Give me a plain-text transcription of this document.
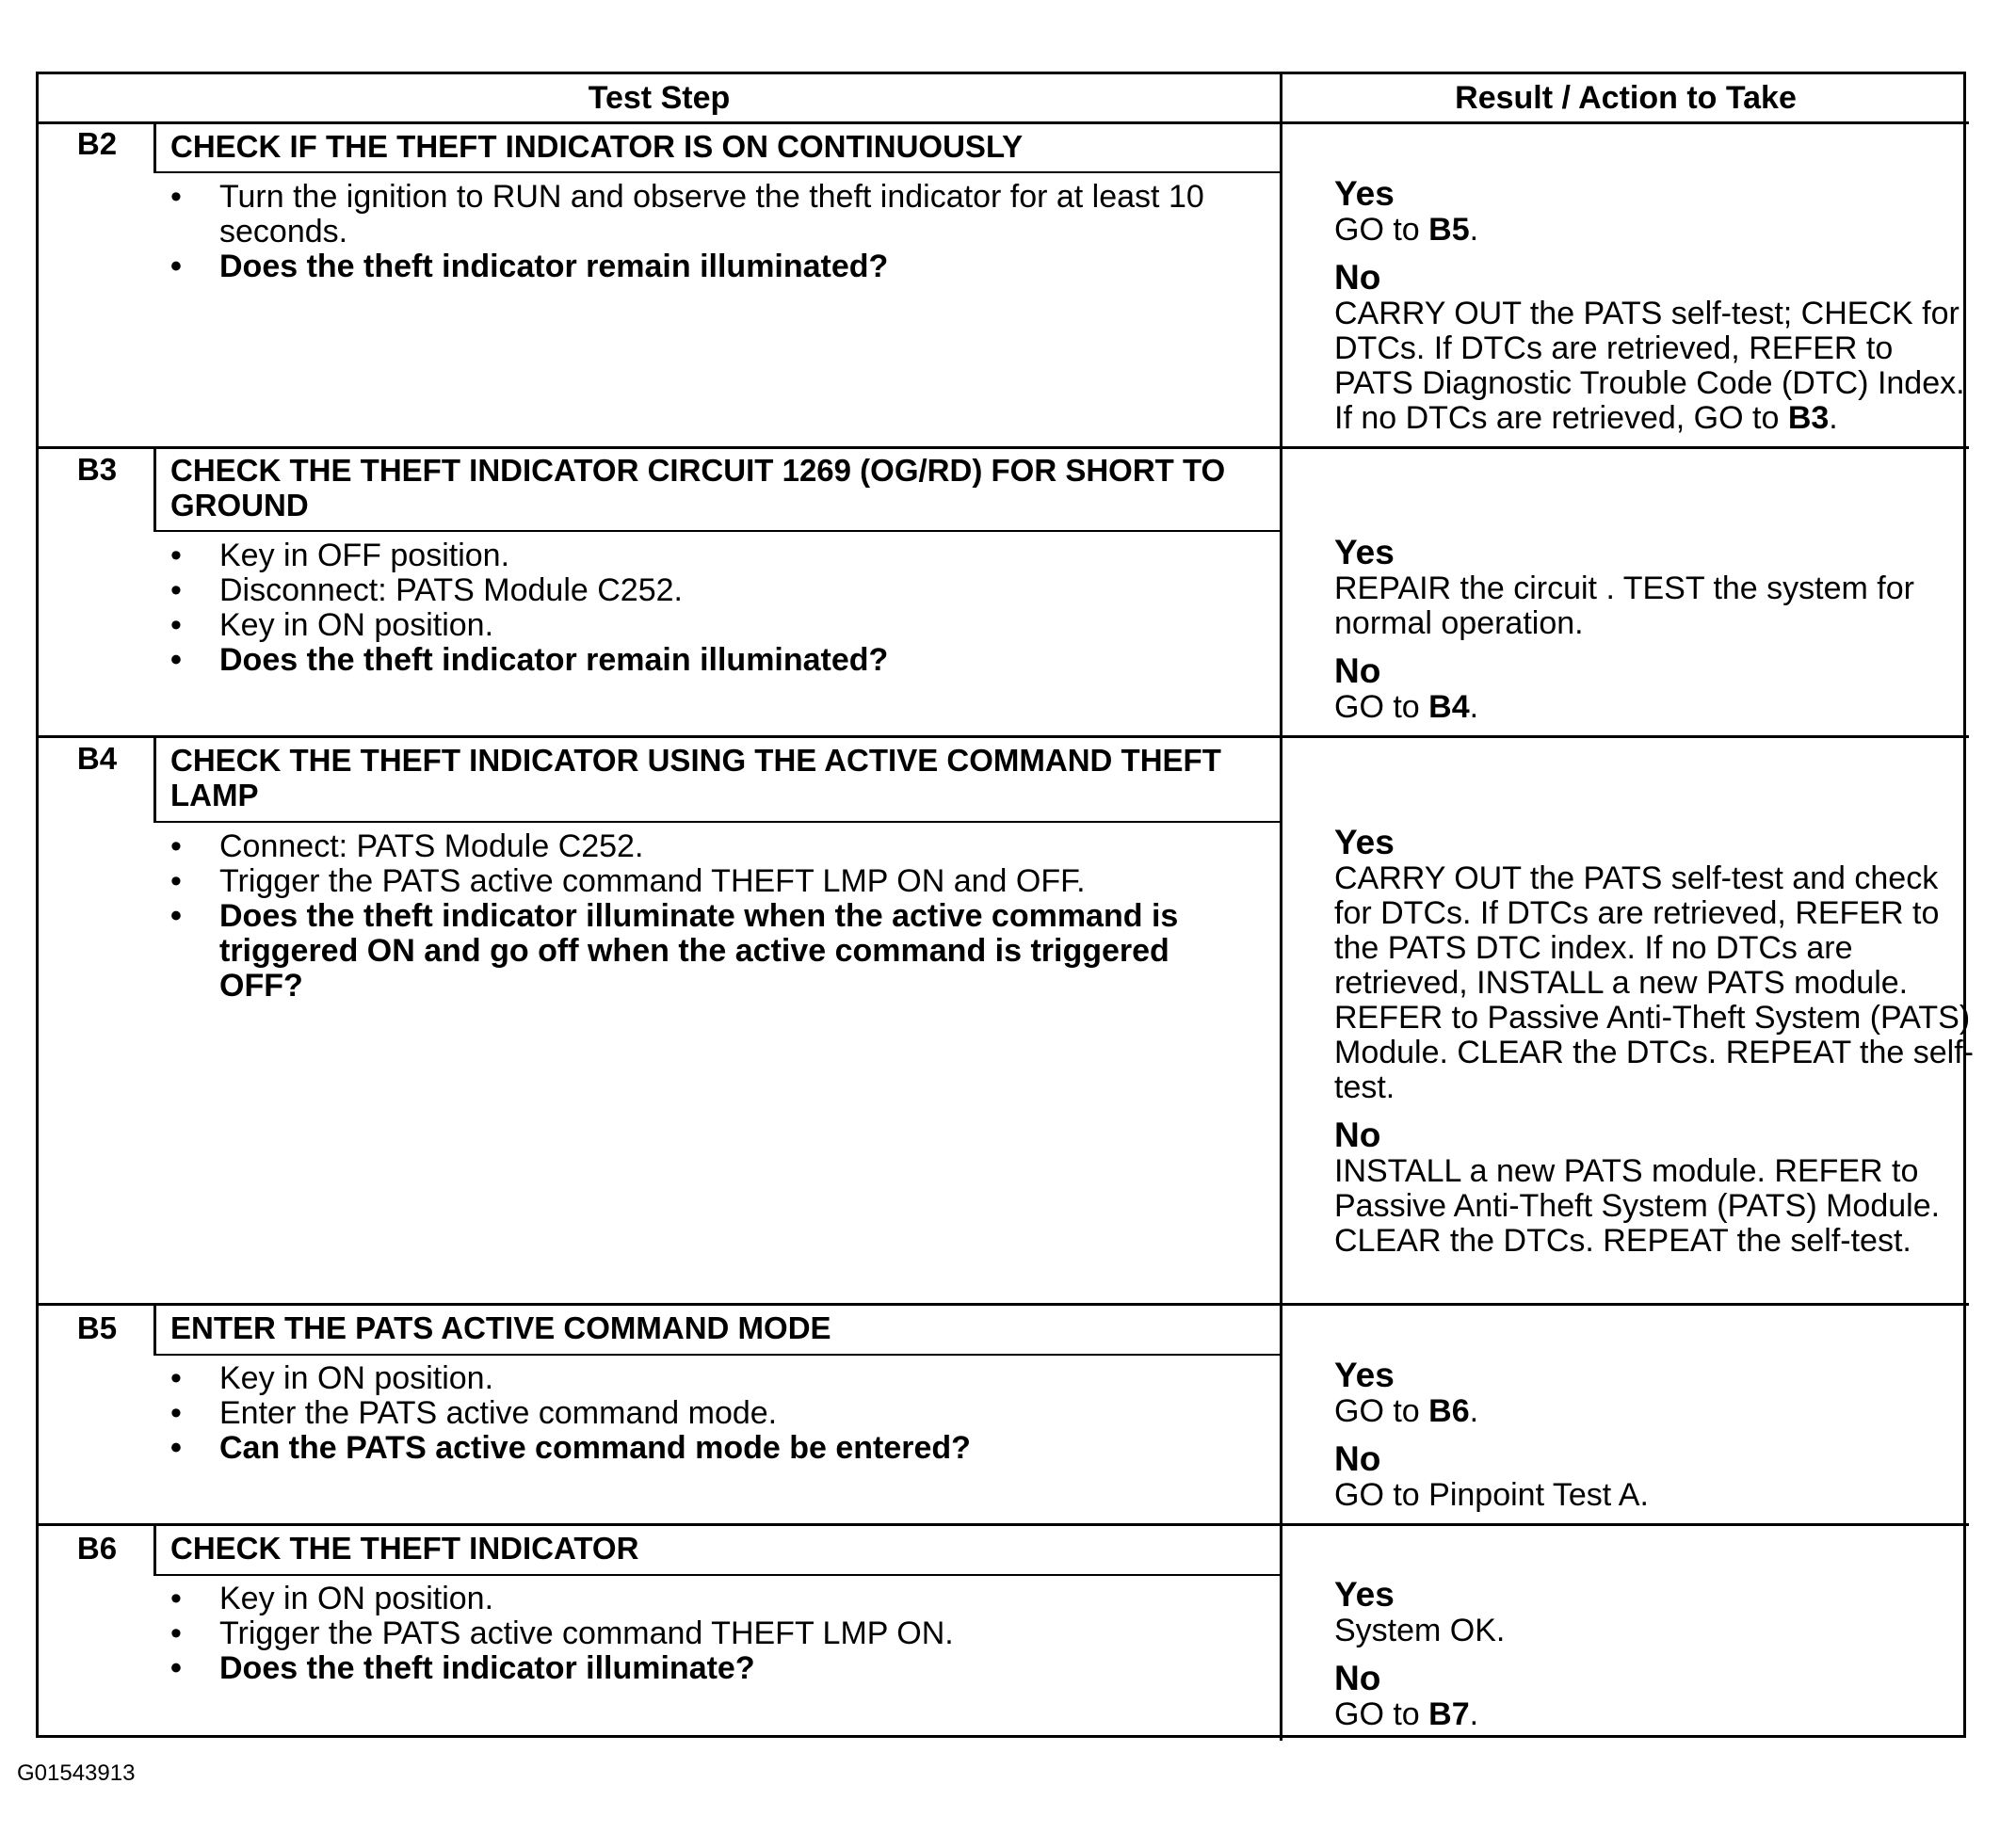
Test Step	Result / Action to Take
B2	CHECK IF THE THEFT INDICATOR IS ON CONTINUOUSLY
• Turn the ignition to RUN and observe the theft indicator for at least 10 seconds.
• Does the theft indicator remain illuminated?
Yes
GO to B5.
No
CARRY OUT the PATS self-test; CHECK for DTCs. If DTCs are retrieved, REFER to PATS Diagnostic Trouble Code (DTC) Index. If no DTCs are retrieved, GO to B3.
B3	CHECK THE THEFT INDICATOR CIRCUIT 1269 (OG/RD) FOR SHORT TO GROUND
• Key in OFF position.
• Disconnect: PATS Module C252.
• Key in ON position.
• Does the theft indicator remain illuminated?
Yes
REPAIR the circuit . TEST the system for normal operation.
No
GO to B4.
B4	CHECK THE THEFT INDICATOR USING THE ACTIVE COMMAND THEFT LAMP
• Connect: PATS Module C252.
• Trigger the PATS active command THEFT LMP ON and OFF.
• Does the theft indicator illuminate when the active command is triggered ON and go off when the active command is triggered OFF?
Yes
CARRY OUT the PATS self-test and check for DTCs. If DTCs are retrieved, REFER to the PATS DTC index. If no DTCs are retrieved, INSTALL a new PATS module. REFER to Passive Anti-Theft System (PATS) Module. CLEAR the DTCs. REPEAT the self-test.
No
INSTALL a new PATS module. REFER to Passive Anti-Theft System (PATS) Module. CLEAR the DTCs. REPEAT the self-test.
B5	ENTER THE PATS ACTIVE COMMAND MODE
• Key in ON position.
• Enter the PATS active command mode.
• Can the PATS active command mode be entered?
Yes
GO to B6.
No
GO to Pinpoint Test A.
B6	CHECK THE THEFT INDICATOR
• Key in ON position.
• Trigger the PATS active command THEFT LMP ON.
• Does the theft indicator illuminate?
Yes
System OK.
No
GO to B7.
G01543913
